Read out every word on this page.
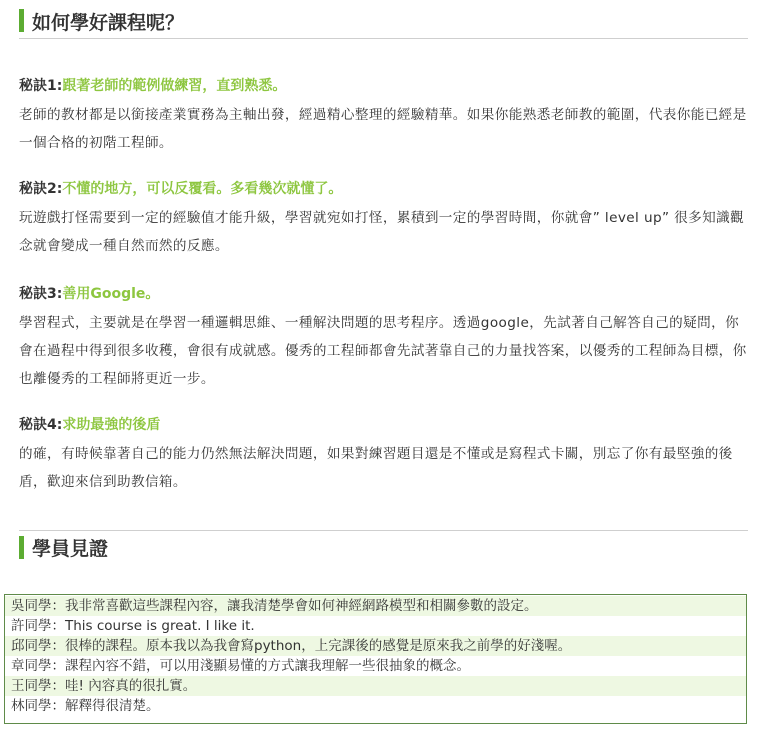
如何學好課程呢？
秘訣1:跟著老師的範例做練習，直到熟悉。
老師的教材都是以銜接產業實務為主軸出發，經過精心整理的經驗精華。如果你能熟悉老師教的範圍，代表你能已經是一個合格的初階工程師。
秘訣2:不懂的地方，可以反覆看。多看幾次就懂了。
玩遊戲打怪需要到一定的經驗值才能升級，學習就宛如打怪，累積到一定的學習時間，你就會” level up” 很多知識觀念就會變成一種自然而然的反應。
秘訣3:善用Google。
學習程式，主要就是在學習一種邏輯思維、一種解決問題的思考程序。透過google，先試著自己解答自己的疑問，你會在過程中得到很多收穫，會很有成就感。優秀的工程師都會先試著靠自己的力量找答案，以優秀的工程師為目標，你也離優秀的工程師將更近一步。
秘訣4:求助最強的後盾
的確，有時候靠著自己的能力仍然無法解決問題，如果對練習題目還是不懂或是寫程式卡關，別忘了你有最堅強的後盾，歡迎來信到助教信箱。
學員見證
吳同學：我非常喜歡這些課程內容，讓我清楚學會如何神經網路模型和相關參數的設定。
許同學：This course is great. I like it.
邱同學：很棒的課程。原本我以為我會寫python，上完課後的感覺是原來我之前學的好淺喔。
章同學：課程內容不錯，可以用淺顯易懂的方式讓我理解一些很抽象的概念。
王同學：哇! 內容真的很扎實。
林同學：解釋得很清楚。
